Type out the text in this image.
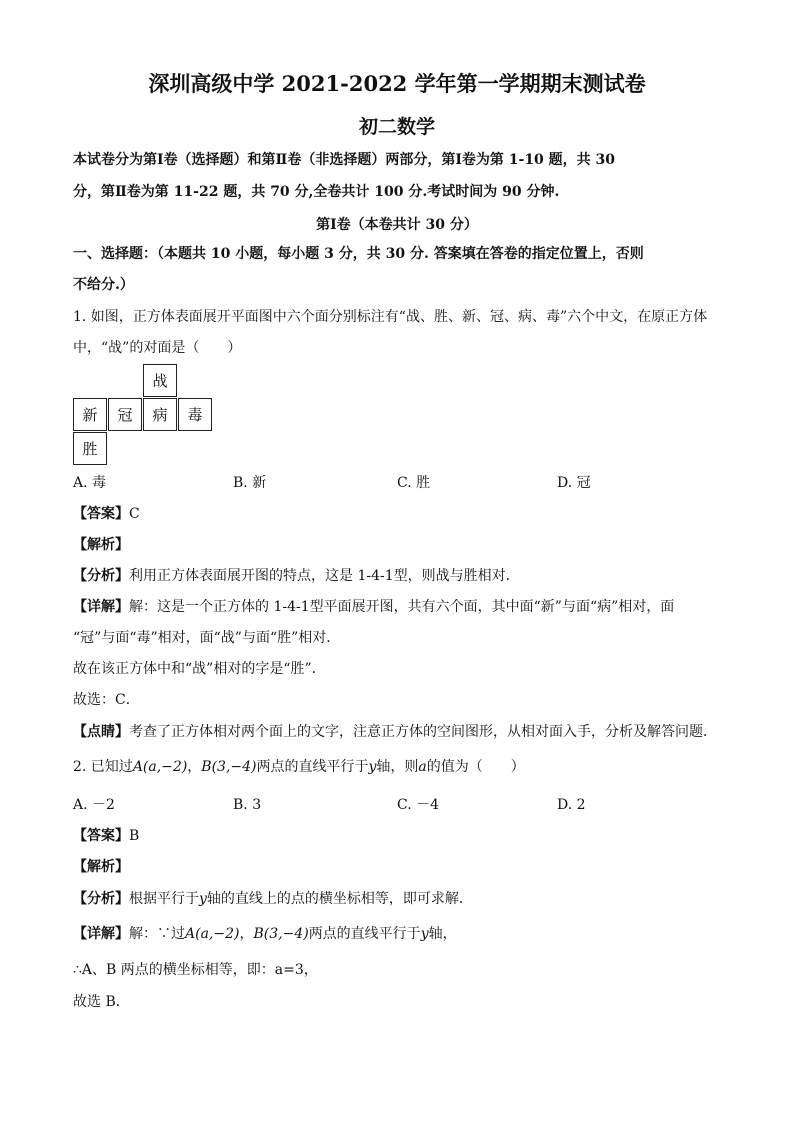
深圳高级中学 2021-2022 学年第一学期期末测试卷
初二数学
本试卷分为第Ⅰ卷（选择题）和第Ⅱ卷（非选择题）两部分，第Ⅰ卷为第 1-10 题，共 30
分，第Ⅱ卷为第 11-22 题，共 70 分,全卷共计 100 分.考试时间为 90 分钟.
第Ⅰ卷（本卷共计 30 分）
一、选择题：（本题共 10 小题，每小题 3 分，共 30 分. 答案填在答卷的指定位置上，否则
不给分.）
1. 如图，正方体表面展开平面图中六个面分别标注有“战、胜、新、冠、病、毒”六个中文，在原正方体
中，“战”的对面是（　　）
战
新	冠	病	毒
胜
A. 毒	B. 新	C. 胜	D. 冠
【答案】C
【解析】
【分析】利用正方体表面展开图的特点，这是 1-4-1型，则战与胜相对．
【详解】解：这是一个正方体的 1-4-1型平面展开图，共有六个面，其中面“新”与面“病”相对，面
“冠”与面“毒”相对，面“战”与面“胜”相对．
故在该正方体中和“战”相对的字是“胜”．
故选：C．
【点睛】考查了正方体相对两个面上的文字，注意正方体的空间图形，从相对面入手，分析及解答问题．
2. 已知过A(a,−2)，B(3,−4)两点的直线平行于y轴，则a的值为（　　）
A. －2	B. 3	C. －4	D. 2
【答案】B
【解析】
【分析】根据平行于y轴的直线上的点的横坐标相等，即可求解．
【详解】解：∵过A(a,−2)，B(3,−4)两点的直线平行于y轴，
∴A、B 两点的横坐标相等，即：a=3，
故选 B．
